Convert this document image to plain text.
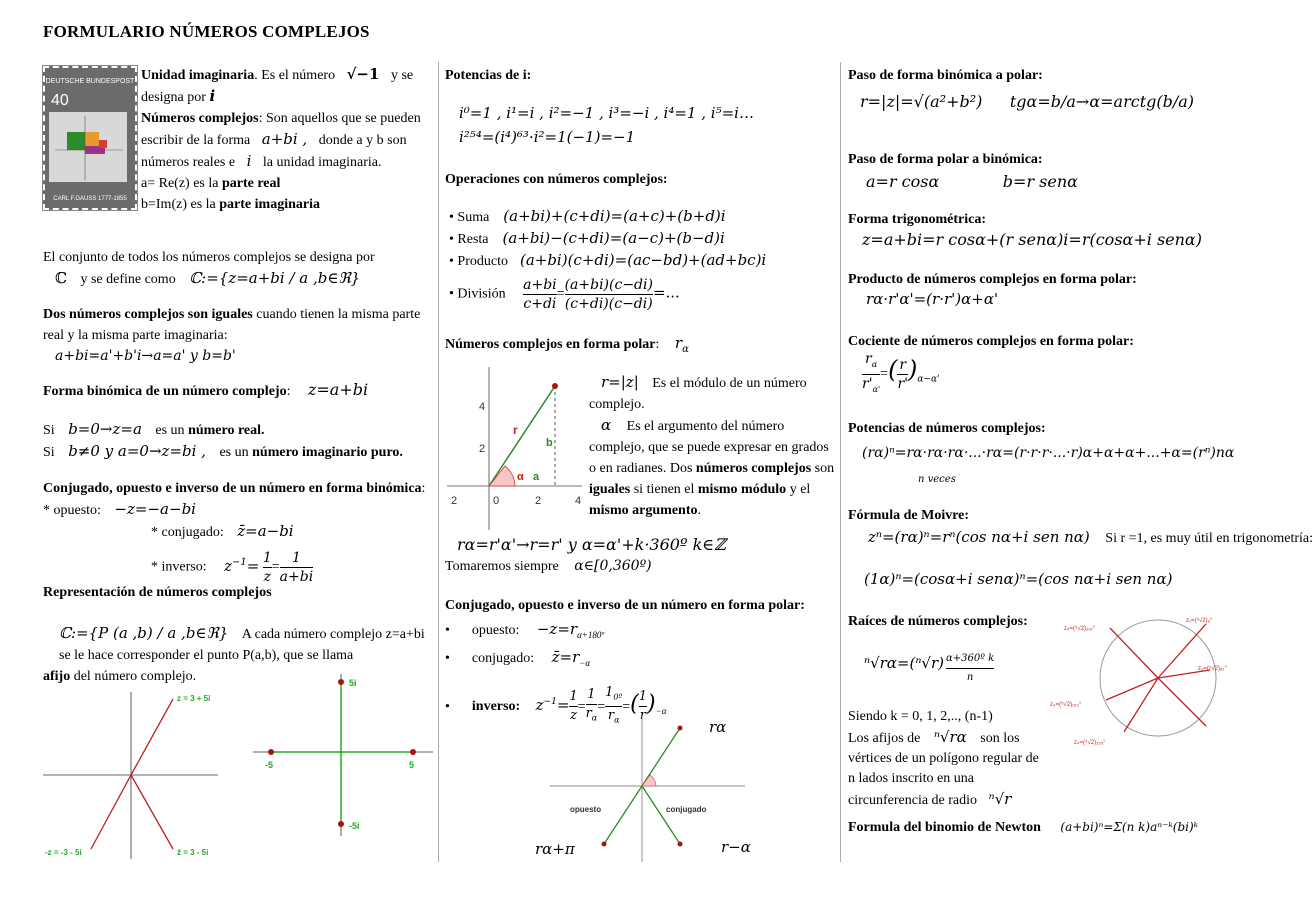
FORMULARIO NÚMEROS COMPLEJOS
DEUTSCHE BUNDESPOST
40
CARL F.GAUSS 1777-1855

Unidad imaginaria. Es el número √−1 y se designa por i

Números complejos: Son aquellos que se pueden escribir de la forma a+bi , donde a y b son números reales e i la unidad imaginaria.

a= Re(z) es la parte real

b=Im(z) es la parte imaginaria

El conjunto de todos los números complejos se designa por

ℂ y se define como ℂ:={z=a+bi / a ,b∈ℜ}

Dos números complejos son iguales cuando tienen la misma parte real y la misma parte imaginaria:

a+bi=a'+b'i→a=a' y b=b'

Forma binómica de un número complejo: z=a+bi

Si b=0→z=a es un número real.

Si b≠0 y a=0→z=bi , es un número imaginario puro.

Conjugado, opuesto e inverso de un número en forma binómica: * opuesto: −z=−a−bi

* conjugado: z̄=a−bi

* inverso: $z^{-1}= \frac{1}{z} = \frac{1}{a+bi}$

Representación de números complejos

ℂ:={P (a ,b) / a ,b∈ℜ} A cada número complejo z=a+bi se le hace corresponder el punto P(a,b), que se llama

afijo del número complejo.

z = 3 + 5i
-z = -3 - 5i	z̄ = 3 - 5i
5i
-5i
-5	5

Potencias de i:

i⁰=1 , i¹=i , i²=−1 , i³=−i , i⁴=1 , i⁵=i…

i²⁵⁴=(i⁴)⁶³·i²=1(−1)=−1

Operaciones con números complejos:

• Suma (a+bi)+(c+di)=(a+c)+(b+d)i

• Resta (a+bi)−(c+di)=(a−c)+(b−d)i

• Producto (a+bi)(c+di)=(ac−bd)+(ad+bc)i

• División $\frac{a+bi}{c+di} = \frac{(a+bi)(c-di)}{(c+di)(c-di)}$ =...

Números complejos en forma polar: $r_\alpha$

r
a
b
α
2	0	2	4
4
2

r=|z| Es el módulo de un número complejo.

α Es el argumento del número complejo, que se puede expresar en grados o en radianes. Dos números complejos son iguales si tienen el mismo módulo y el mismo argumento.

rα=r'α'→r=r' y α=α'+k·360º k∈ℤ

Tomaremos siempre α∈[0,360º)

Conjugado, opuesto e inverso de un número en forma polar:

• opuesto: $-z=r_{\alpha+180º}$

• conjugado: $z̄=r_{-\alpha}$

• inverso: $z^{-1}= \frac{1}{z} = \frac{1}{r_\alpha} = \frac{1_{0º}}{r_\alpha}$ =( $\frac{1}{r} )_{-\alpha}$

opuesto	conjugado

rα

rα+π	r−α

Paso de forma binómica a polar:

r=|z|=√(a²+b²) tgα=b/a→α=arctg(b/a)

Paso de forma polar a binómica:

a=r cosα	b=r senα

Forma trigonométrica:

z=a+bi=r cosα+(r senα)i=r(cosα+i senα)

Producto de números complejos en forma polar:

rα·r'α'=(r·r')α+α'

Cociente de números complejos en forma polar:

$\frac{r_\alpha}{r'_{\alpha'}}$ =( $\frac{r}{r'} )_{\alpha-\alpha'}$

Potencias de números complejos:

(rα)ⁿ=rα·rα·rα·...·rα=(r·r·r·...·r)α+α+α+...+α=(rⁿ)nα

n veces

Fórmula de Moivre:

zⁿ=(rα)ⁿ=rⁿ(cos nα+i sen nα) Si r =1, es muy útil en trigonometría:

(1α)ⁿ=(cosα+i senα)ⁿ=(cos nα+i sen nα)

Raíces de números complejos:

$^n√r\alpha=(^n√r) \frac{\text{α+360º k}}{n}$

Siendo k = 0, 1, 2,.., (n-1)

Los afijos de ⁿ√rα son los vértices de un polígono regular de n lados inscrito en una circunferencia de radio ⁿ√r

z₁=(⁵√2)₉°
z₂=(⁵√2)₈₁°
z₃=(⁵√2)₁₅₃°
z₄=(⁵√2)₂₂₅°
z₅=(⁵√2)₂₉₇°

Formula del binomio de Newton (a+bi)ⁿ=Σ(n k)aⁿ⁻ᵏ(bi)ᵏ
